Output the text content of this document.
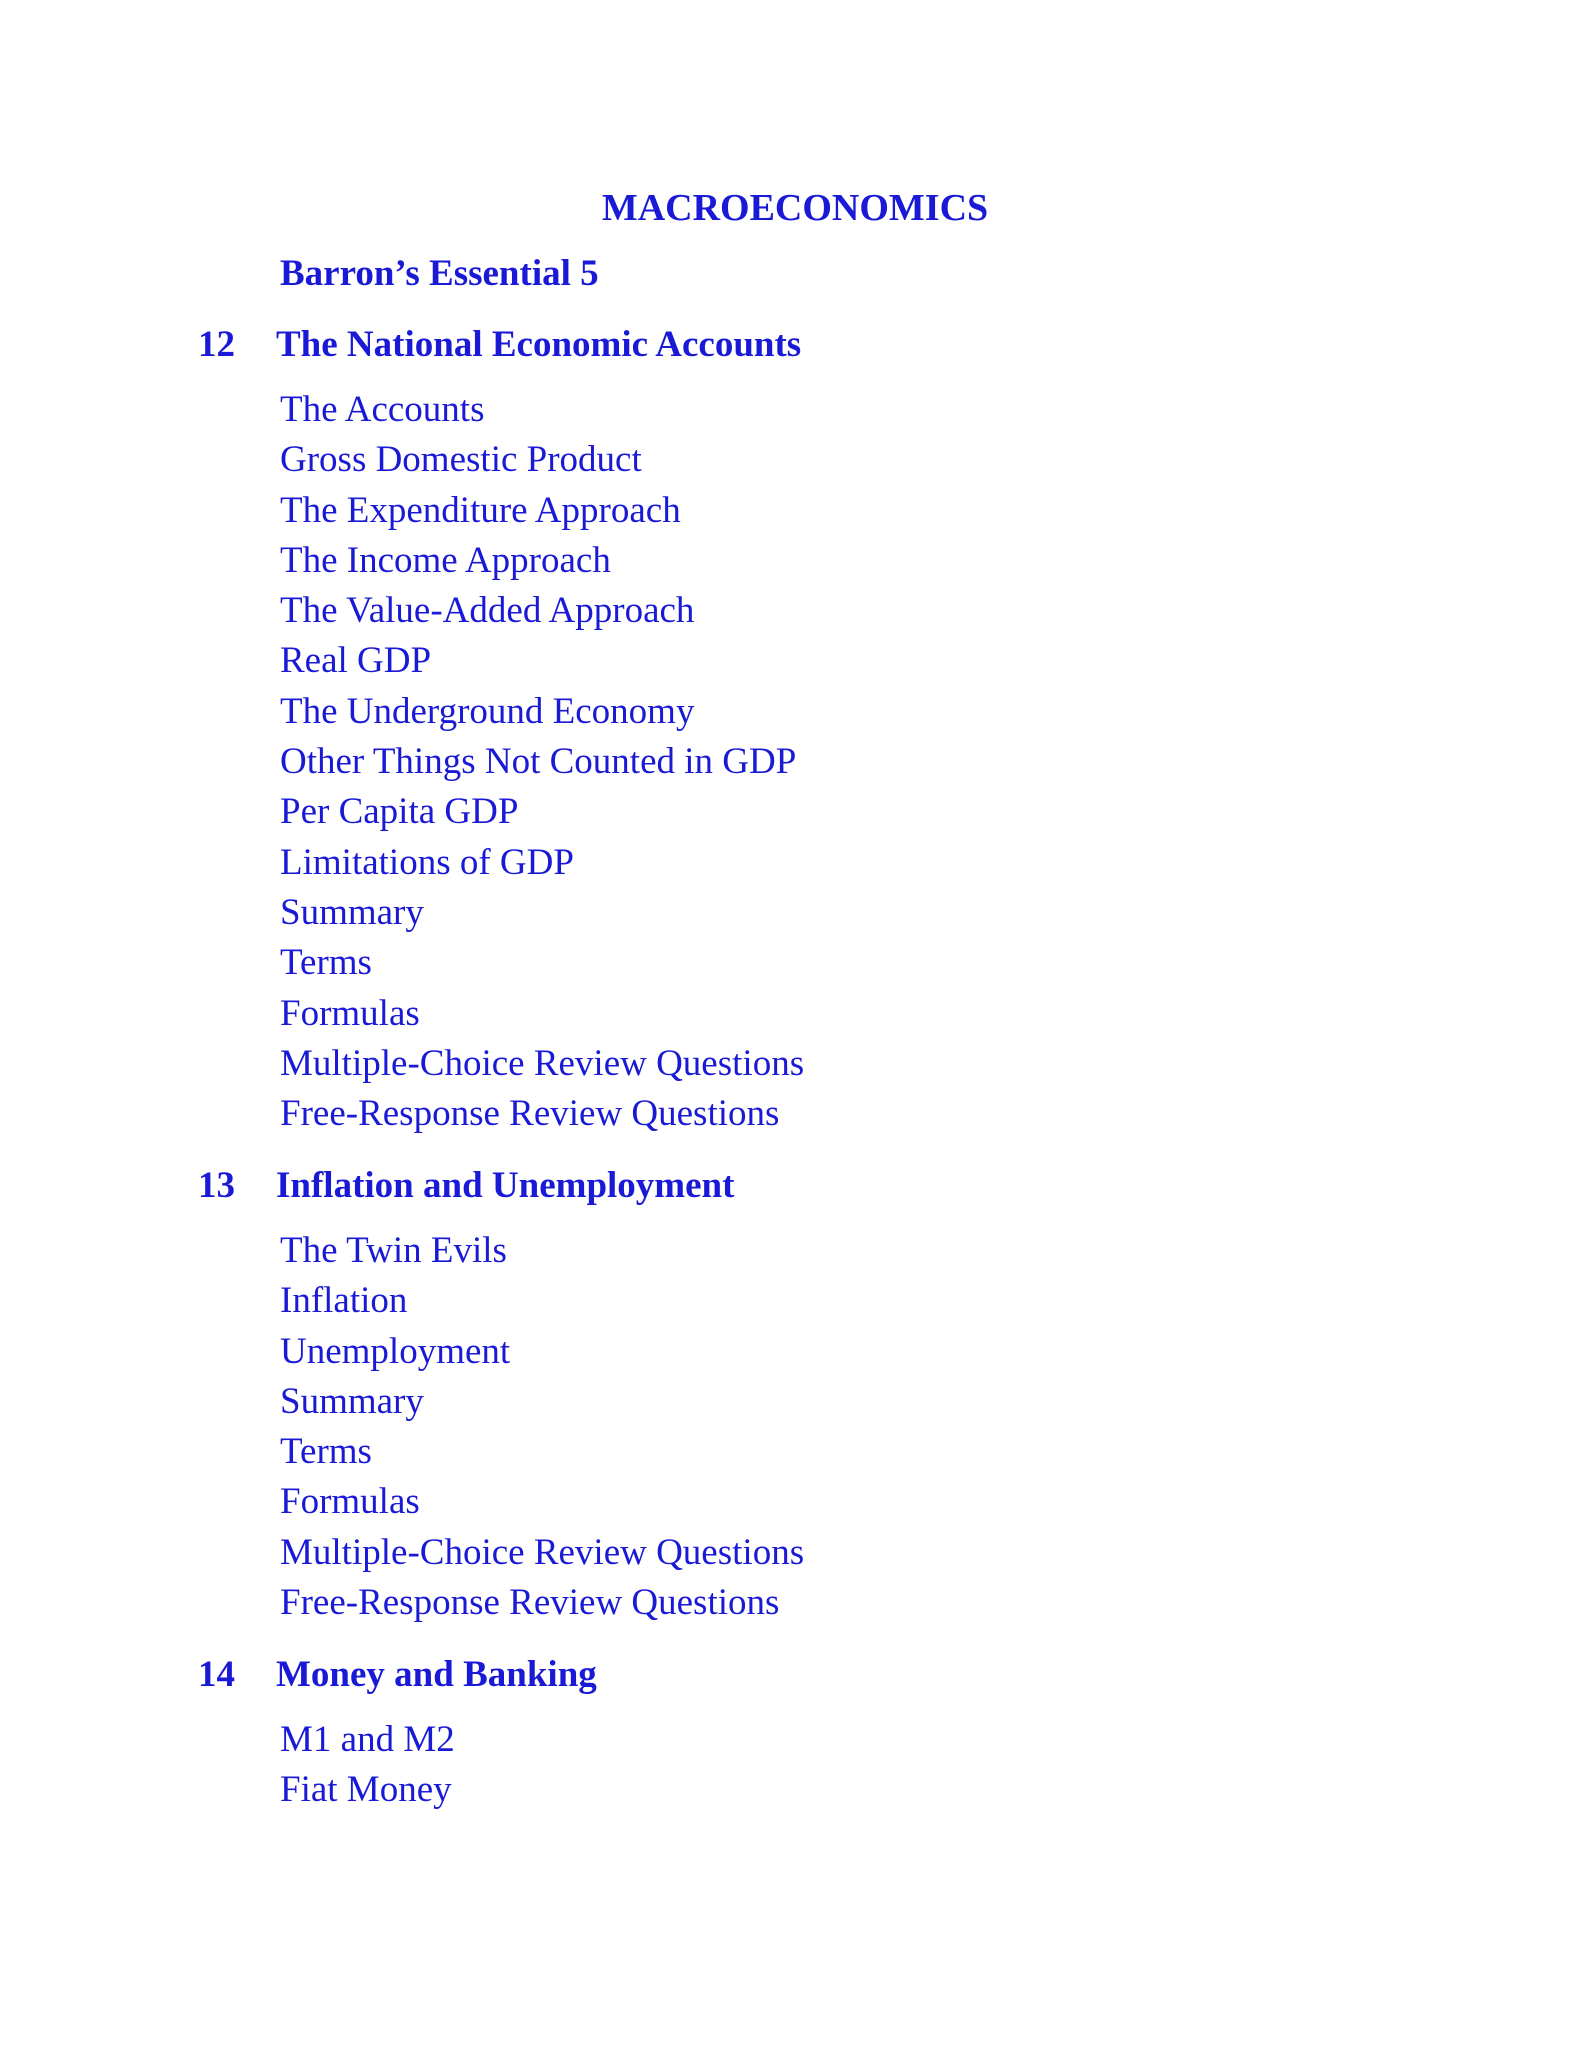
MACROECONOMICS
Barron’s Essential 5
12 The National Economic Accounts
The Accounts
Gross Domestic Product
The Expenditure Approach
The Income Approach
The Value-Added Approach
Real GDP
The Underground Economy
Other Things Not Counted in GDP
Per Capita GDP
Limitations of GDP
Summary
Terms
Formulas
Multiple-Choice Review Questions
Free-Response Review Questions
13 Inflation and Unemployment
The Twin Evils
Inflation
Unemployment
Summary
Terms
Formulas
Multiple-Choice Review Questions
Free-Response Review Questions
14 Money and Banking
M1 and M2
Fiat Money
